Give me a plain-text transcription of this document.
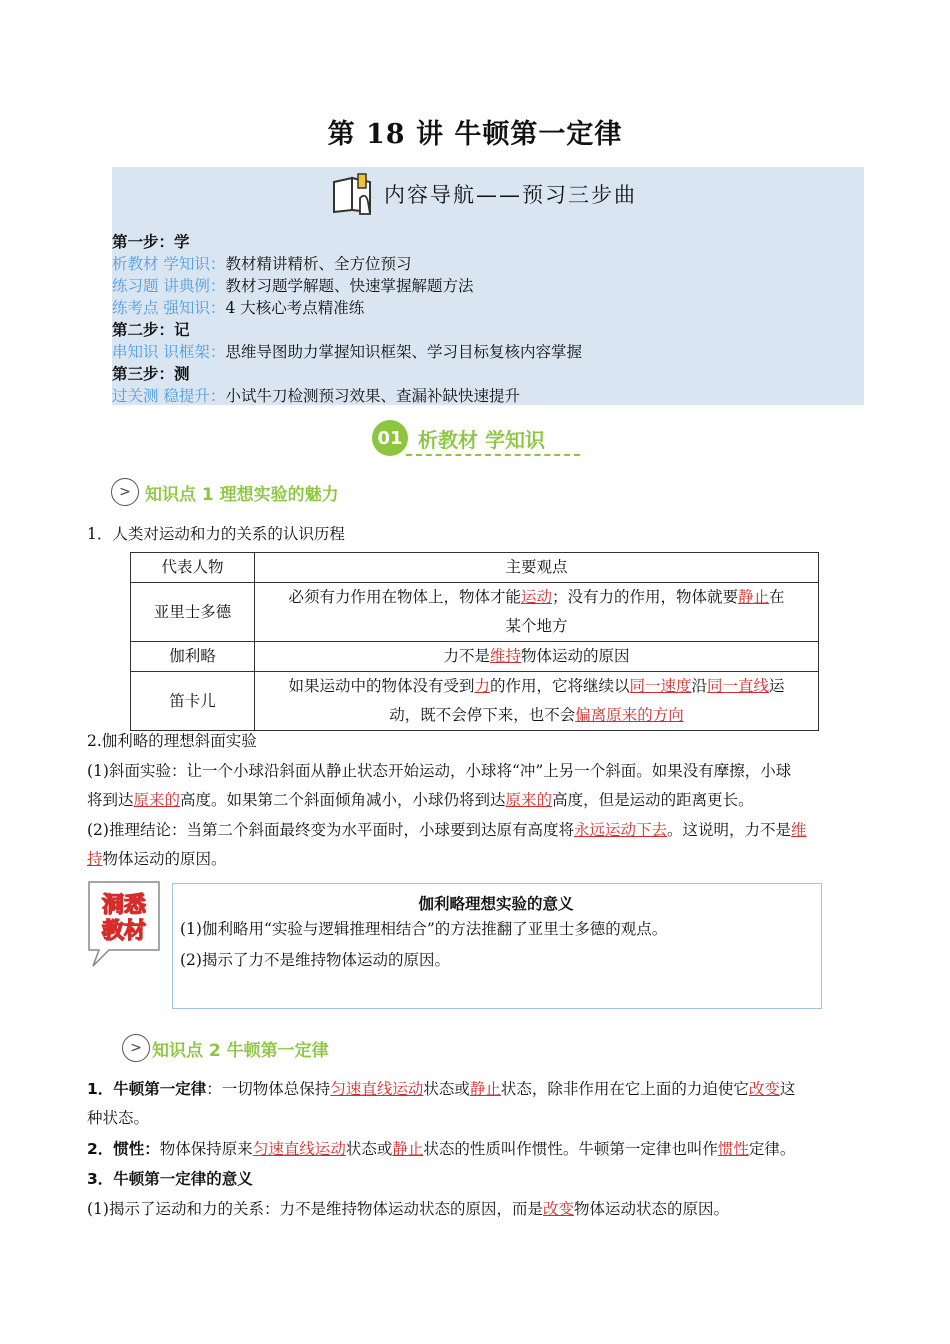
第 18 讲 牛顿第一定律
内容导航——预习三步曲
第一步：学
析教材 学知识：教材精讲精析、全方位预习
练习题 讲典例：教材习题学解题、快速掌握解题方法
练考点 强知识：4 大核心考点精准练
第二步：记
串知识 识框架：思维导图助力掌握知识框架、学习目标复核内容掌握
第三步：测
过关测 稳提升：小试牛刀检测预习效果、查漏补缺快速提升
01 析教材 学知识
> 知识点 1 理想实验的魅力
1．人类对运动和力的关系的认识历程
代表人物	主要观点
亚里士多德	必须有力作用在物体上，物体才能运动；没有力的作用，物体就要静止在
某个地方
伽利略	力不是维持物体运动的原因
笛卡儿	如果运动中的物体没有受到力的作用，它将继续以同一速度沿同一直线运
动，既不会停下来，也不会偏离原来的方向
2.伽利略的理想斜面实验
(1)斜面实验：让一个小球沿斜面从静止状态开始运动，小球将“冲”上另一个斜面。如果没有摩擦，小球
将到达原来的高度。如果第二个斜面倾角减小，小球仍将到达原来的高度，但是运动的距离更长。
(2)推理结论：当第二个斜面最终变为水平面时，小球要到达原有高度将永远运动下去。这说明，力不是维
持物体运动的原因。
洞悉
教材
伽利略理想实验的意义
(1)伽利略用“实验与逻辑推理相结合”的方法推翻了亚里士多德的观点。
(2)揭示了力不是维持物体运动的原因。
> 知识点 2 牛顿第一定律
1．牛顿第一定律：一切物体总保持匀速直线运动状态或静止状态，除非作用在它上面的力迫使它改变这
种状态。
2．惯性：物体保持原来匀速直线运动状态或静止状态的性质叫作惯性。牛顿第一定律也叫作惯性定律。
3．牛顿第一定律的意义
(1)揭示了运动和力的关系：力不是维持物体运动状态的原因，而是改变物体运动状态的原因。
